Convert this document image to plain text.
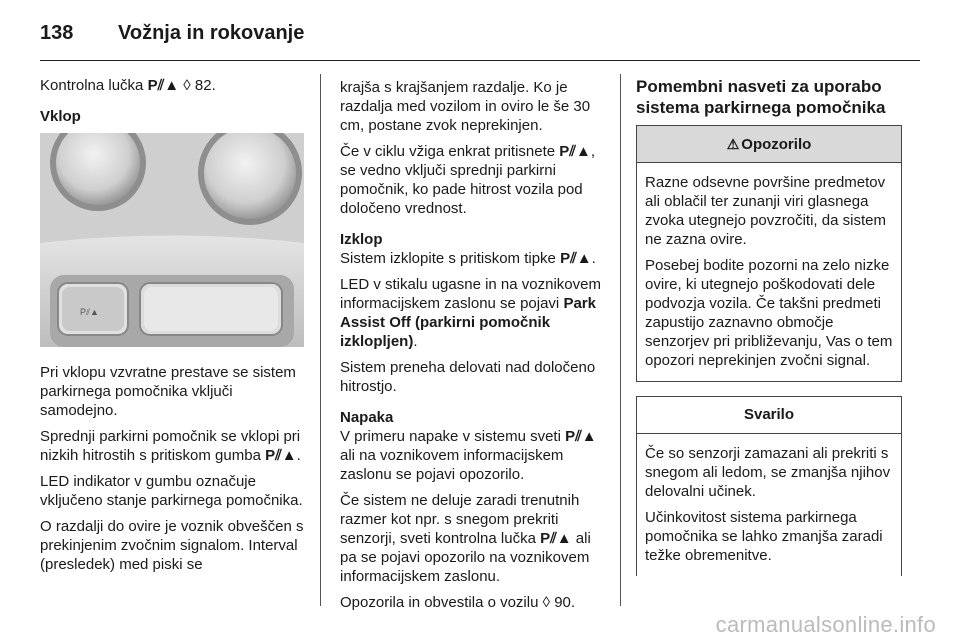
138 Vožnja in rokovanje

Kontrolna lučka P⫽▲ ◊ 82.

Vklop

P⫽▲

Pri vklopu vzvratne prestave se sistem parkirnega pomočnika vključi samodejno.

Sprednji parkirni pomočnik se vklopi pri nizkih hitrostih s pritiskom gumba P⫽▲.

LED indikator v gumbu označuje vključeno stanje parkirnega pomočnika.

O razdalji do ovire je voznik obveščen s prekinjenim zvočnim signalom. Interval (presledek) med piski se

krajša s krajšanjem razdalje. Ko je razdalja med vozilom in oviro le še 30 cm, postane zvok neprekinjen.

Če v ciklu vžiga enkrat pritisnete P⫽▲, se vedno vključi sprednji parkirni pomočnik, ko pade hitrost vozila pod določeno vrednost.

Izklop

Sistem izklopite s pritiskom tipke P⫽▲.

LED v stikalu ugasne in na voznikovem informacijskem zaslonu se pojavi Park Assist Off (parkirni pomočnik izklopljen).

Sistem preneha delovati nad določeno hitrostjo.

Napaka

V primeru napake v sistemu sveti P⫽▲ ali na voznikovem informacijskem zaslonu se pojavi opozorilo.

Če sistem ne deluje zaradi trenutnih razmer kot npr. s snegom prekriti senzorji, sveti kontrolna lučka P⫽▲ ali pa se pojavi opozorilo na voznikovem informacijskem zaslonu.

Opozorila in obvestila o vozilu ◊ 90.

Pomembni nasveti za uporabo sistema parkirnega pomočnika

⚠ Opozorilo

Razne odsevne površine predmetov ali oblačil ter zunanji viri glasnega zvoka utegnejo povzročiti, da sistem ne zazna ovire.

Posebej bodite pozorni na zelo nizke ovire, ki utegnejo poškodovati dele podvozja vozila. Če takšni predmeti zapustijo zaznavno območje senzorjev pri približevanju, Vas o tem opozori neprekinjen zvočni signal.

Svarilo

Če so senzorji zamazani ali prekriti s snegom ali ledom, se zmanjša njihov delovalni učinek.

Učinkovitost sistema parkirnega pomočnika se lahko zmanjša zaradi težke obremenitve.

carmanualsonline.info
